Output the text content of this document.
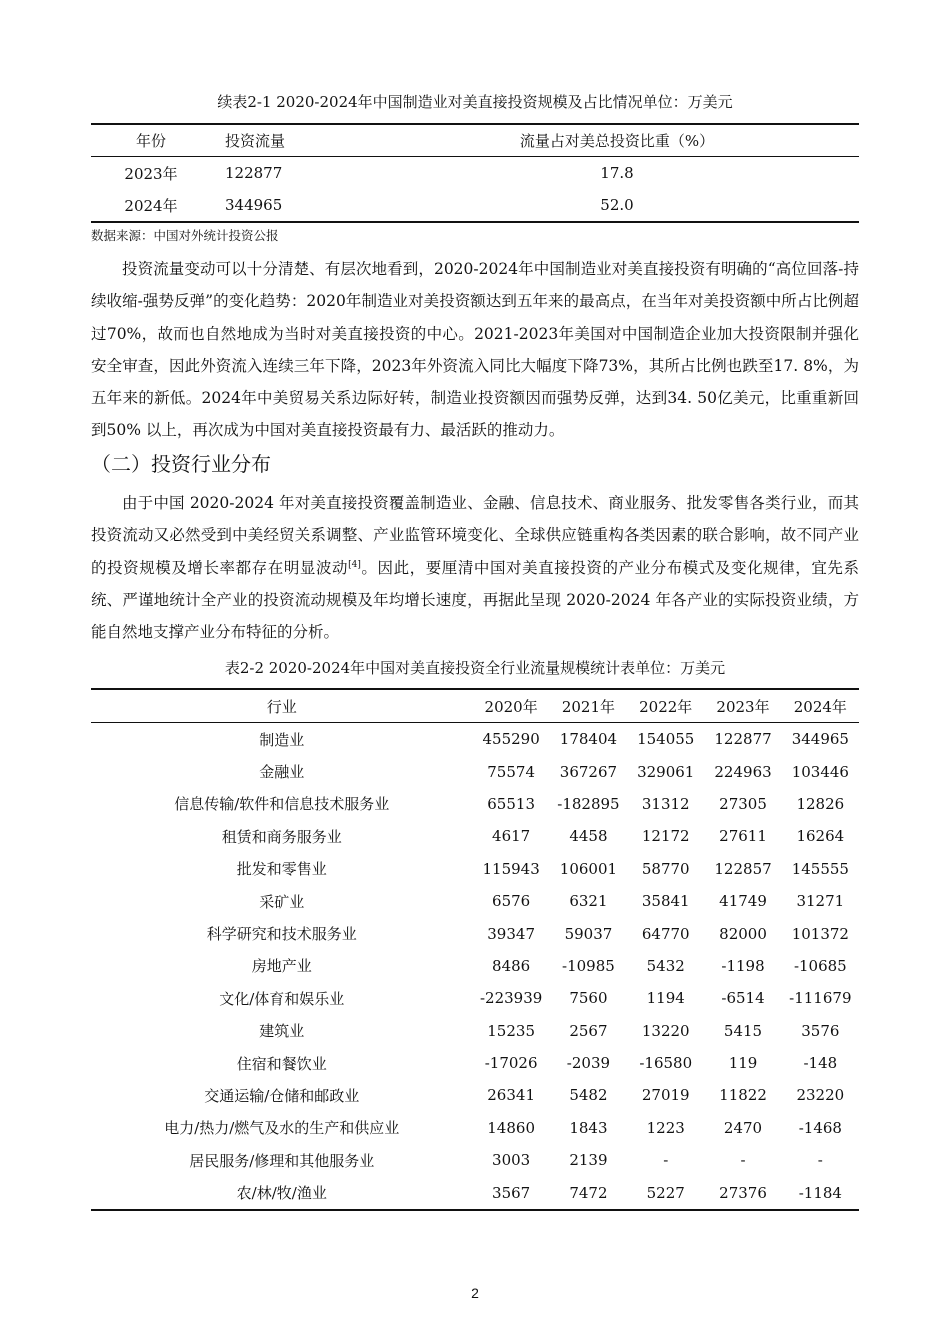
续表2-1 2020-2024年中国制造业对美直接投资规模及占比情况单位：万美元
年份	投资流量	流量占对美总投资比重（%）
2023年	122877	17.8
2024年	344965	52.0
数据来源：中国对外统计投资公报

投资流量变动可以十分清楚、有层次地看到，2020-2024年中国制造业对美直接投资有明确的“高位回落-持续收缩-强势反弹”的变化趋势：2020年制造业对美投资额达到五年来的最高点，在当年对美投资额中所占比例超过70%，故而也自然地成为当时对美直接投资的中心。2021-2023年美国对中国制造企业加大投资限制并强化安全审查，因此外资流入连续三年下降，2023年外资流入同比大幅度下降73%，其所占比例也跌至17. 8%，为五年来的新低。2024年中美贸易关系边际好转，制造业投资额因而强势反弹，达到34. 50亿美元，比重重新回到50% 以上，再次成为中国对美直接投资最有力、最活跃的推动力。

（二）投资行业分布

由于中国 2020-2024 年对美直接投资覆盖制造业、金融、信息技术、商业服务、批发零售各类行业，而其投资流动又必然受到中美经贸关系调整、产业监管环境变化、全球供应链重构各类因素的联合影响，故不同产业的投资规模及增长率都存在明显波动[4]。因此，要厘清中国对美直接投资的产业分布模式及变化规律，宜先系统、严谨地统计全产业的投资流动规模及年均增长速度，再据此呈现 2020-2024 年各产业的实际投资业绩，方能自然地支撑产业分布特征的分析。

表2-2 2020-2024年中国对美直接投资全行业流量规模统计表单位：万美元
行业	2020年	2021年	2022年	2023年	2024年
制造业	455290	178404	154055	122877	344965
金融业	75574	367267	329061	224963	103446
信息传输/软件和信息技术服务业	65513	-182895	31312	27305	12826
租赁和商务服务业	4617	4458	12172	27611	16264
批发和零售业	115943	106001	58770	122857	145555
采矿业	6576	6321	35841	41749	31271
科学研究和技术服务业	39347	59037	64770	82000	101372
房地产业	8486	-10985	5432	-1198	-10685
文化/体育和娱乐业	-223939	7560	1194	-6514	-111679
建筑业	15235	2567	13220	5415	3576
住宿和餐饮业	-17026	-2039	-16580	119	-148
交通运输/仓储和邮政业	26341	5482	27019	11822	23220
电力/热力/燃气及水的生产和供应业	14860	1843	1223	2470	-1468
居民服务/修理和其他服务业	3003	2139	-	-	-
农/林/牧/渔业	3567	7472	5227	27376	-1184
2
